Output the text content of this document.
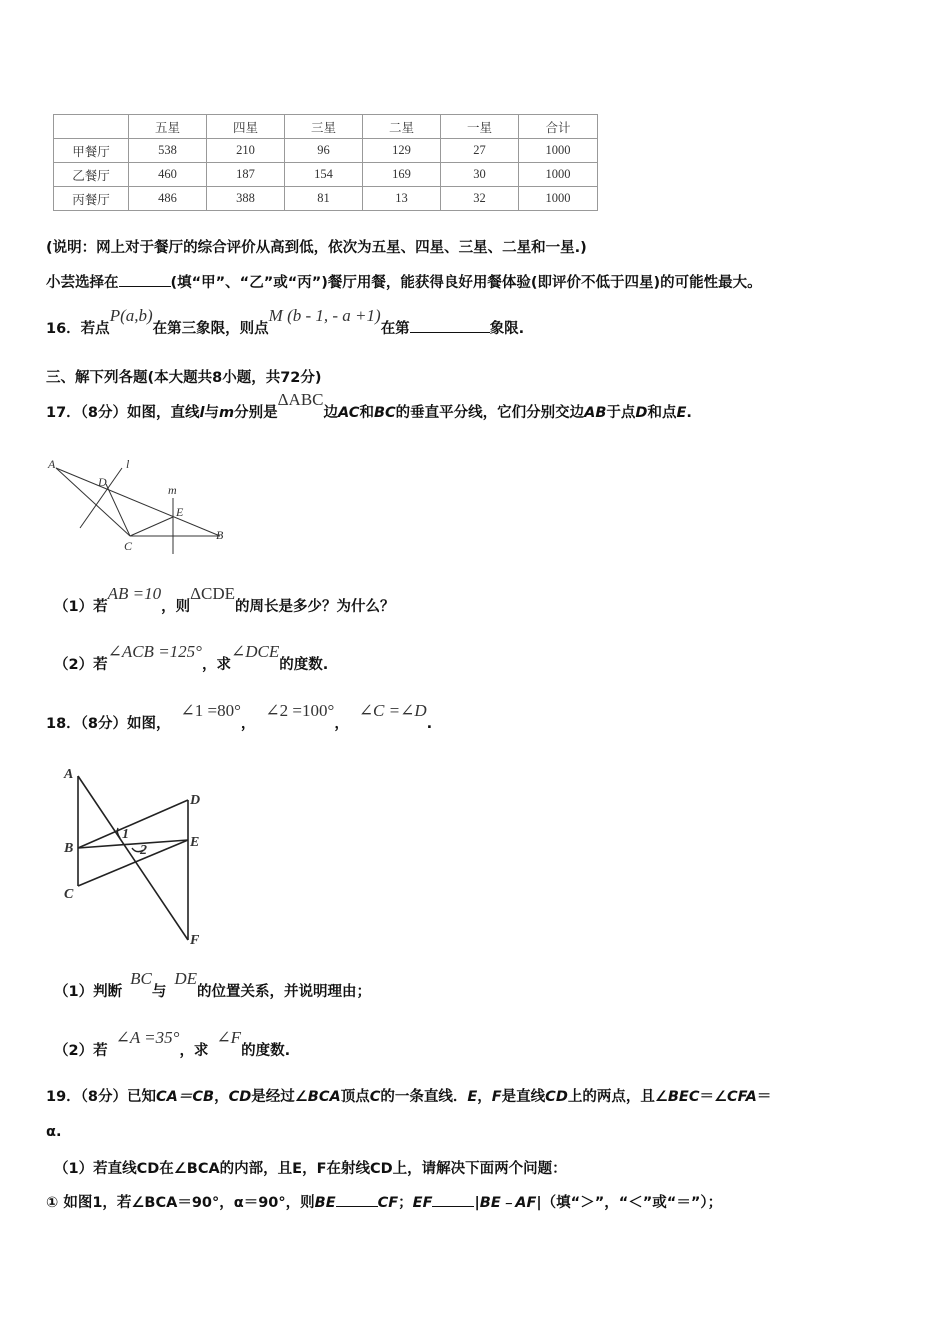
	五星	四星	三星	二星	一星	合计
甲餐厅	538	210	96	129	27	1000
乙餐厅	460	187	154	169	30	1000
丙餐厅	486	388	81	13	32	1000
(说明：网上对于餐厅的综合评价从高到低，依次为五星、四星、三星、二星和一星.)
小芸选择在	(填“甲”、“乙”或“丙”)餐厅用餐，能获得良好用餐体验(即评价不低于四星)的可能性最大。
16．若点P(a,b)在第三象限，则点M (b - 1, - a +1)在第	象限.
三、解下列各题(本大题共8小题，共72分)
17．（8分）如图，直线l与m分别是ΔABC边AC和BC的垂直平分线，它们分别交边AB于点D和点E.
A	l
D
m
E
B
C
（1）若AB =10，则ΔCDE的周长是多少？为什么？
（2）若∠ACB =125°，求∠DCE的度数.
18．（8分）如图，∠1 =80°，∠2 =100°，∠C =∠D.
A
D
B
1
2
E
C
F
（1）判断BC与DE的位置关系，并说明理由；
（2）若∠A =35°，求∠F的度数.
19．（8分）已知CA＝CB，CD是经过∠BCA顶点C的一条直线．E，F是直线CD上的两点，且∠BEC＝∠CFA＝
α.
（1）若直线CD在∠BCA的内部，且E，F在射线CD上，请解决下面两个问题：
① 如图1，若∠BCA＝90°，α＝90°，则BE	CF；EF	|BE﹣AF|（填“＞”，“＜”或“＝”）；
